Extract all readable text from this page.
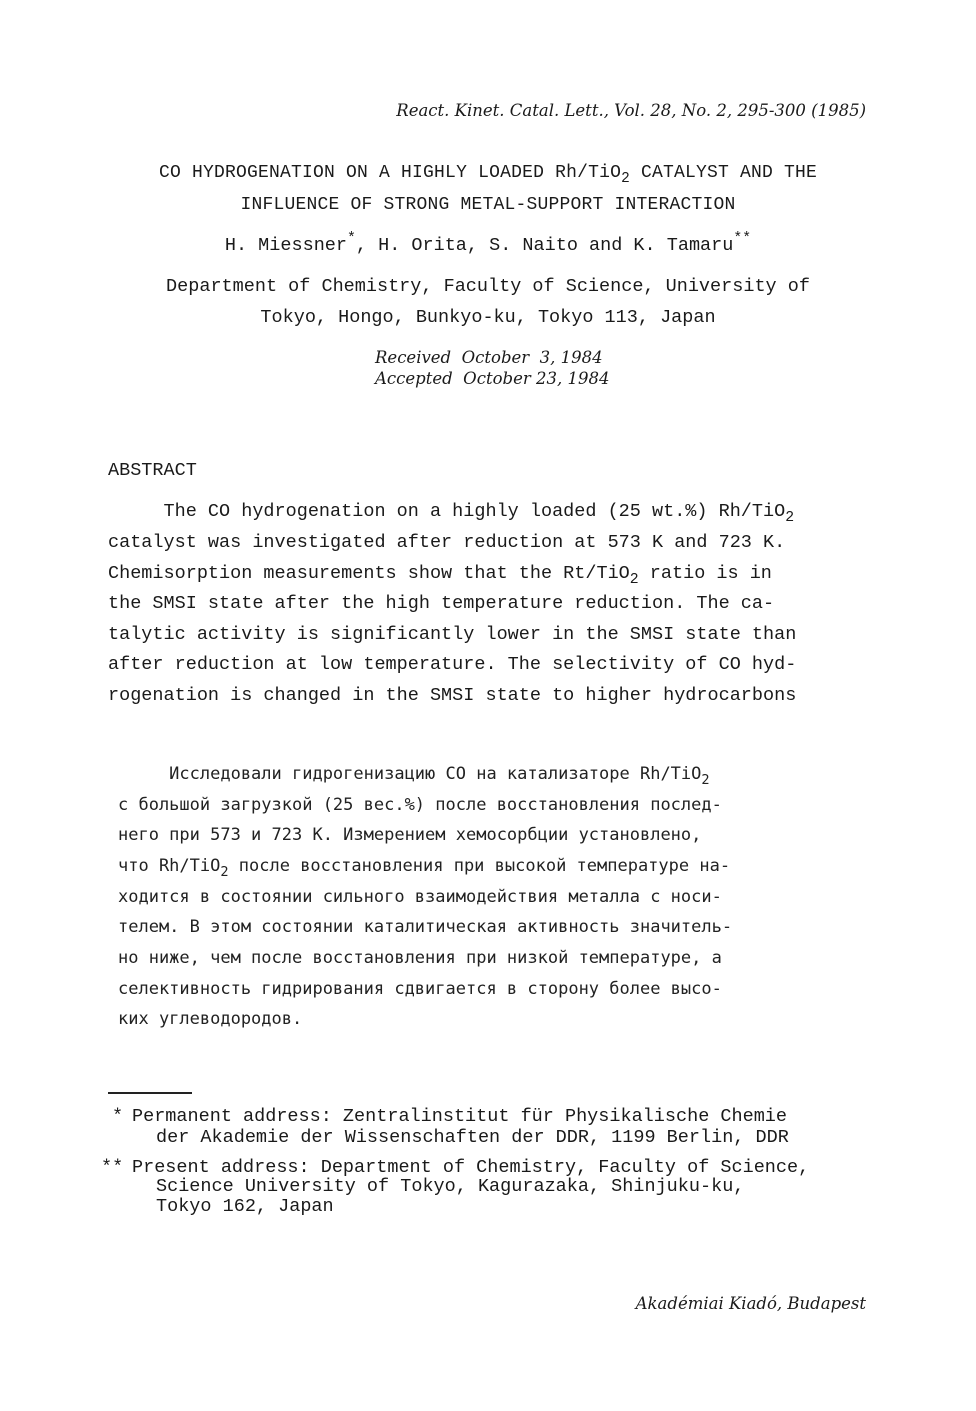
React. Kinet. Catal. Lett., Vol. 28, No. 2, 295-300 (1985)
CO HYDROGENATION ON A HIGHLY LOADED Rh/TiO$_2$ CATALYST AND THE
INFLUENCE OF STRONG METAL-SUPPORT INTERACTION
H. Miessner*, H. Orita, S. Naito and K. Tamaru**
Department of Chemistry, Faculty of Science, University of
Tokyo, Hongo, Bunkyo-ku, Tokyo 113, Japan
Received  October  3, 1984
Accepted  October 23, 1984
ABSTRACT
The CO hydrogenation on a highly loaded (25 wt.%) Rh/TiO$_2$
catalyst was investigated after reduction at 573 K and 723 K.
Chemisorption measurements show that the Rt/TiO$_2$ ratio is in
the SMSI state after the high temperature reduction. The ca-
talytic activity is significantly lower in the SMSI state than
after reduction at low temperature. The selectivity of CO hyd-
rogenation is changed in the SMSI state to higher hydrocarbons
Исследовали гидрогенизацию CO на катализаторе Rh/TiO$_2$
с большой загрузкой (25 вес.%) после восстановления послед-
него при 573 и 723 K. Измерением хемосорбции установлено,
что Rh/TiO$_2$ после восстановления при высокой температуре на-
ходится в состоянии сильного взаимодействия металла с носи-
телем. В этом состоянии каталитическая активность значитель-
но ниже, чем после восстановления при низкой температуре, а
селективность гидрирования сдвигается в сторону более высо-
ких углеводородов.
* Permanent address: Zentralinstitut für Physikalische Chemie
der Akademie der Wissenschaften der DDR, 1199 Berlin, DDR
** Present address: Department of Chemistry, Faculty of Science,
Science University of Tokyo, Kagurazaka, Shinjuku-ku,
Tokyo 162, Japan
Akadémiai Kiadó, Budapest
